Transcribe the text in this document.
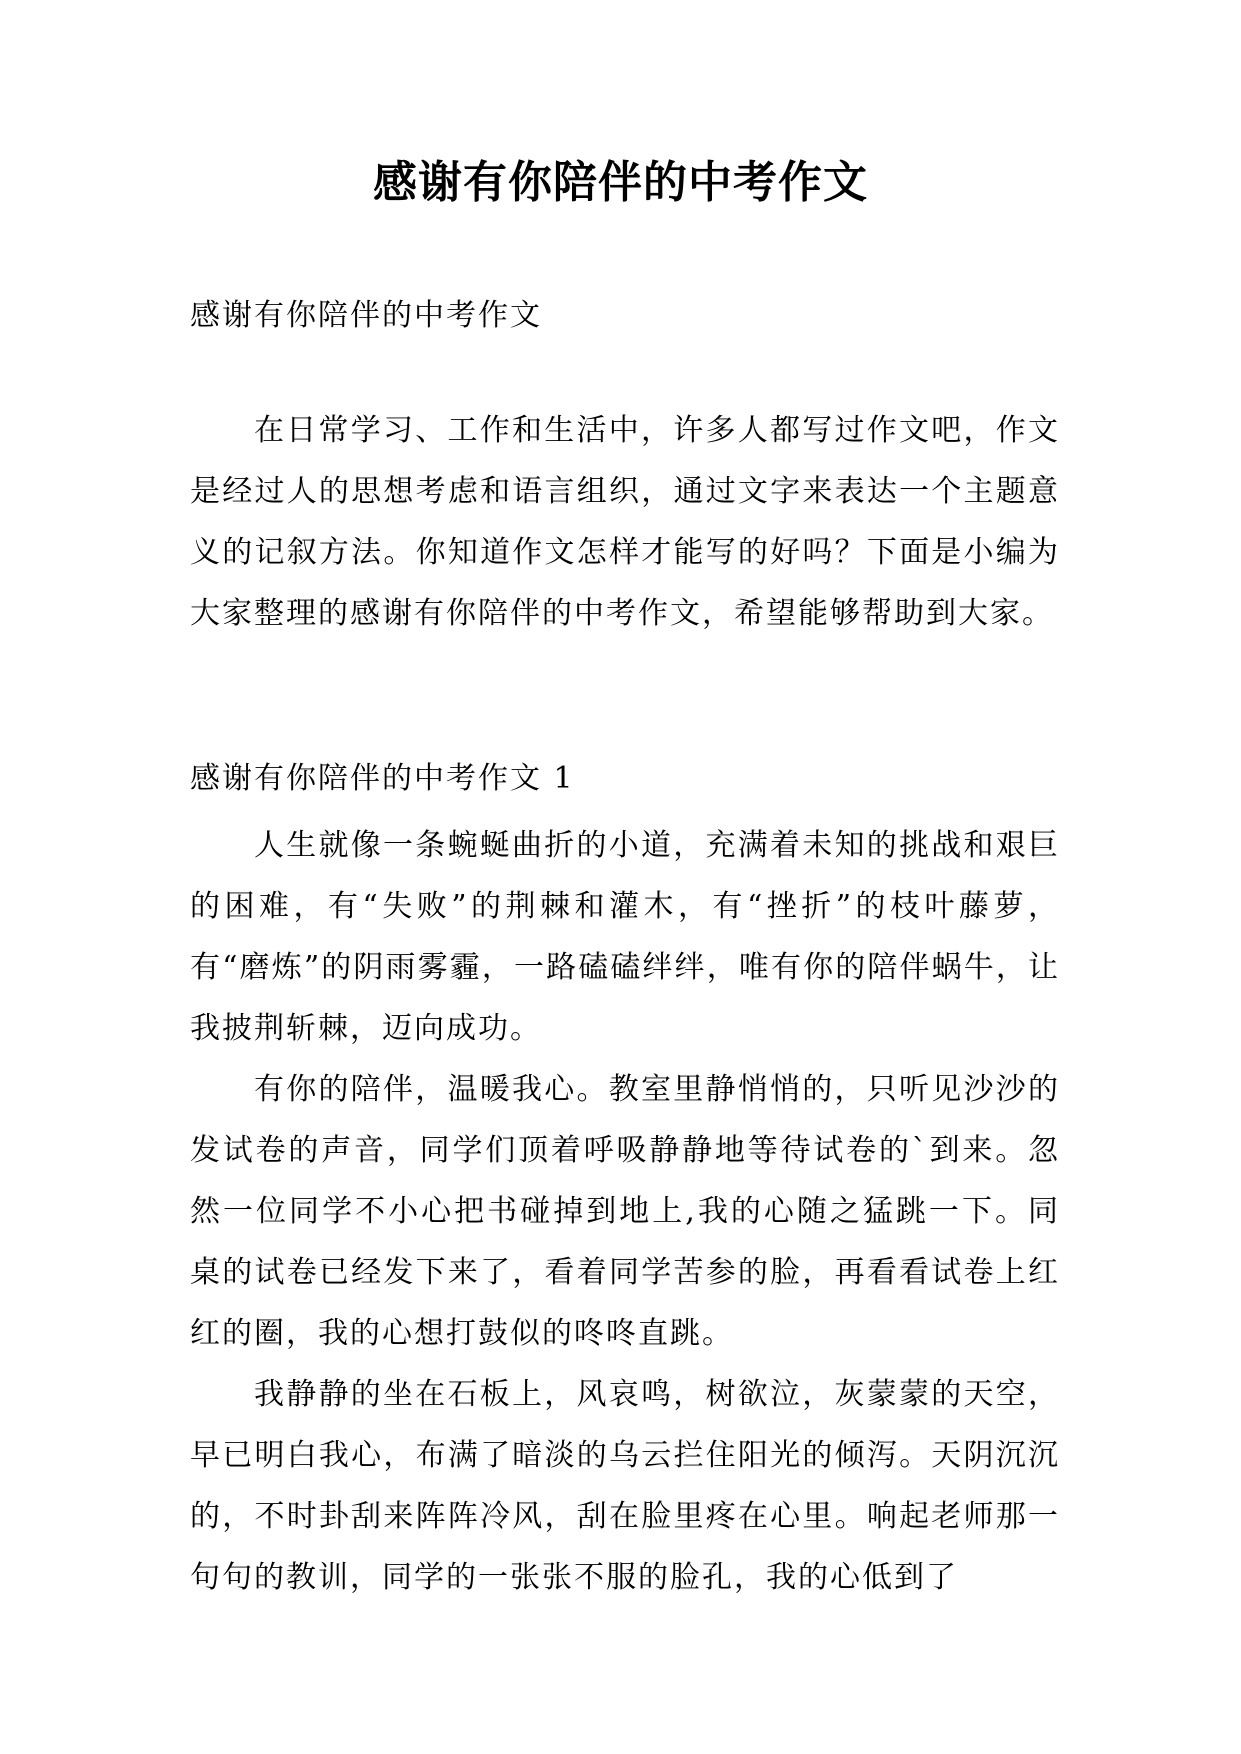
感谢有你陪伴的中考作文
感谢有你陪伴的中考作文

在日常学习、工作和生活中，许多人都写过作文吧，作文是经过人的思想考虑和语言组织，通过文字来表达一个主题意义的记叙方法。你知道作文怎样才能写的好吗？下面是小编为大家整理的感谢有你陪伴的中考作文，希望能够帮助到大家。

感谢有你陪伴的中考作文 1

人生就像一条蜿蜒曲折的小道，充满着未知的挑战和艰巨的困难，有“失败”的荆棘和灌木，有“挫折”的枝叶藤萝，有“磨炼”的阴雨雾霾，一路磕磕绊绊，唯有你的陪伴蜗牛，让我披荆斩棘，迈向成功。

有你的陪伴，温暖我心。教室里静悄悄的，只听见沙沙的发试卷的声音，同学们顶着呼吸静静地等待试卷的`到来。忽然一位同学不小心把书碰掉到地上,我的心随之猛跳一下。同桌的试卷已经发下来了，看着同学苦参的脸，再看看试卷上红红的圈，我的心想打鼓似的咚咚直跳。

我静静的坐在石板上，风哀鸣，树欲泣，灰蒙蒙的天空，早已明白我心，布满了暗淡的乌云拦住阳光的倾泻。天阴沉沉的，不时卦刮来阵阵冷风，刮在脸里疼在心里。响起老师那一句句的教训，同学的一张张不服的脸孔，我的心低到了
